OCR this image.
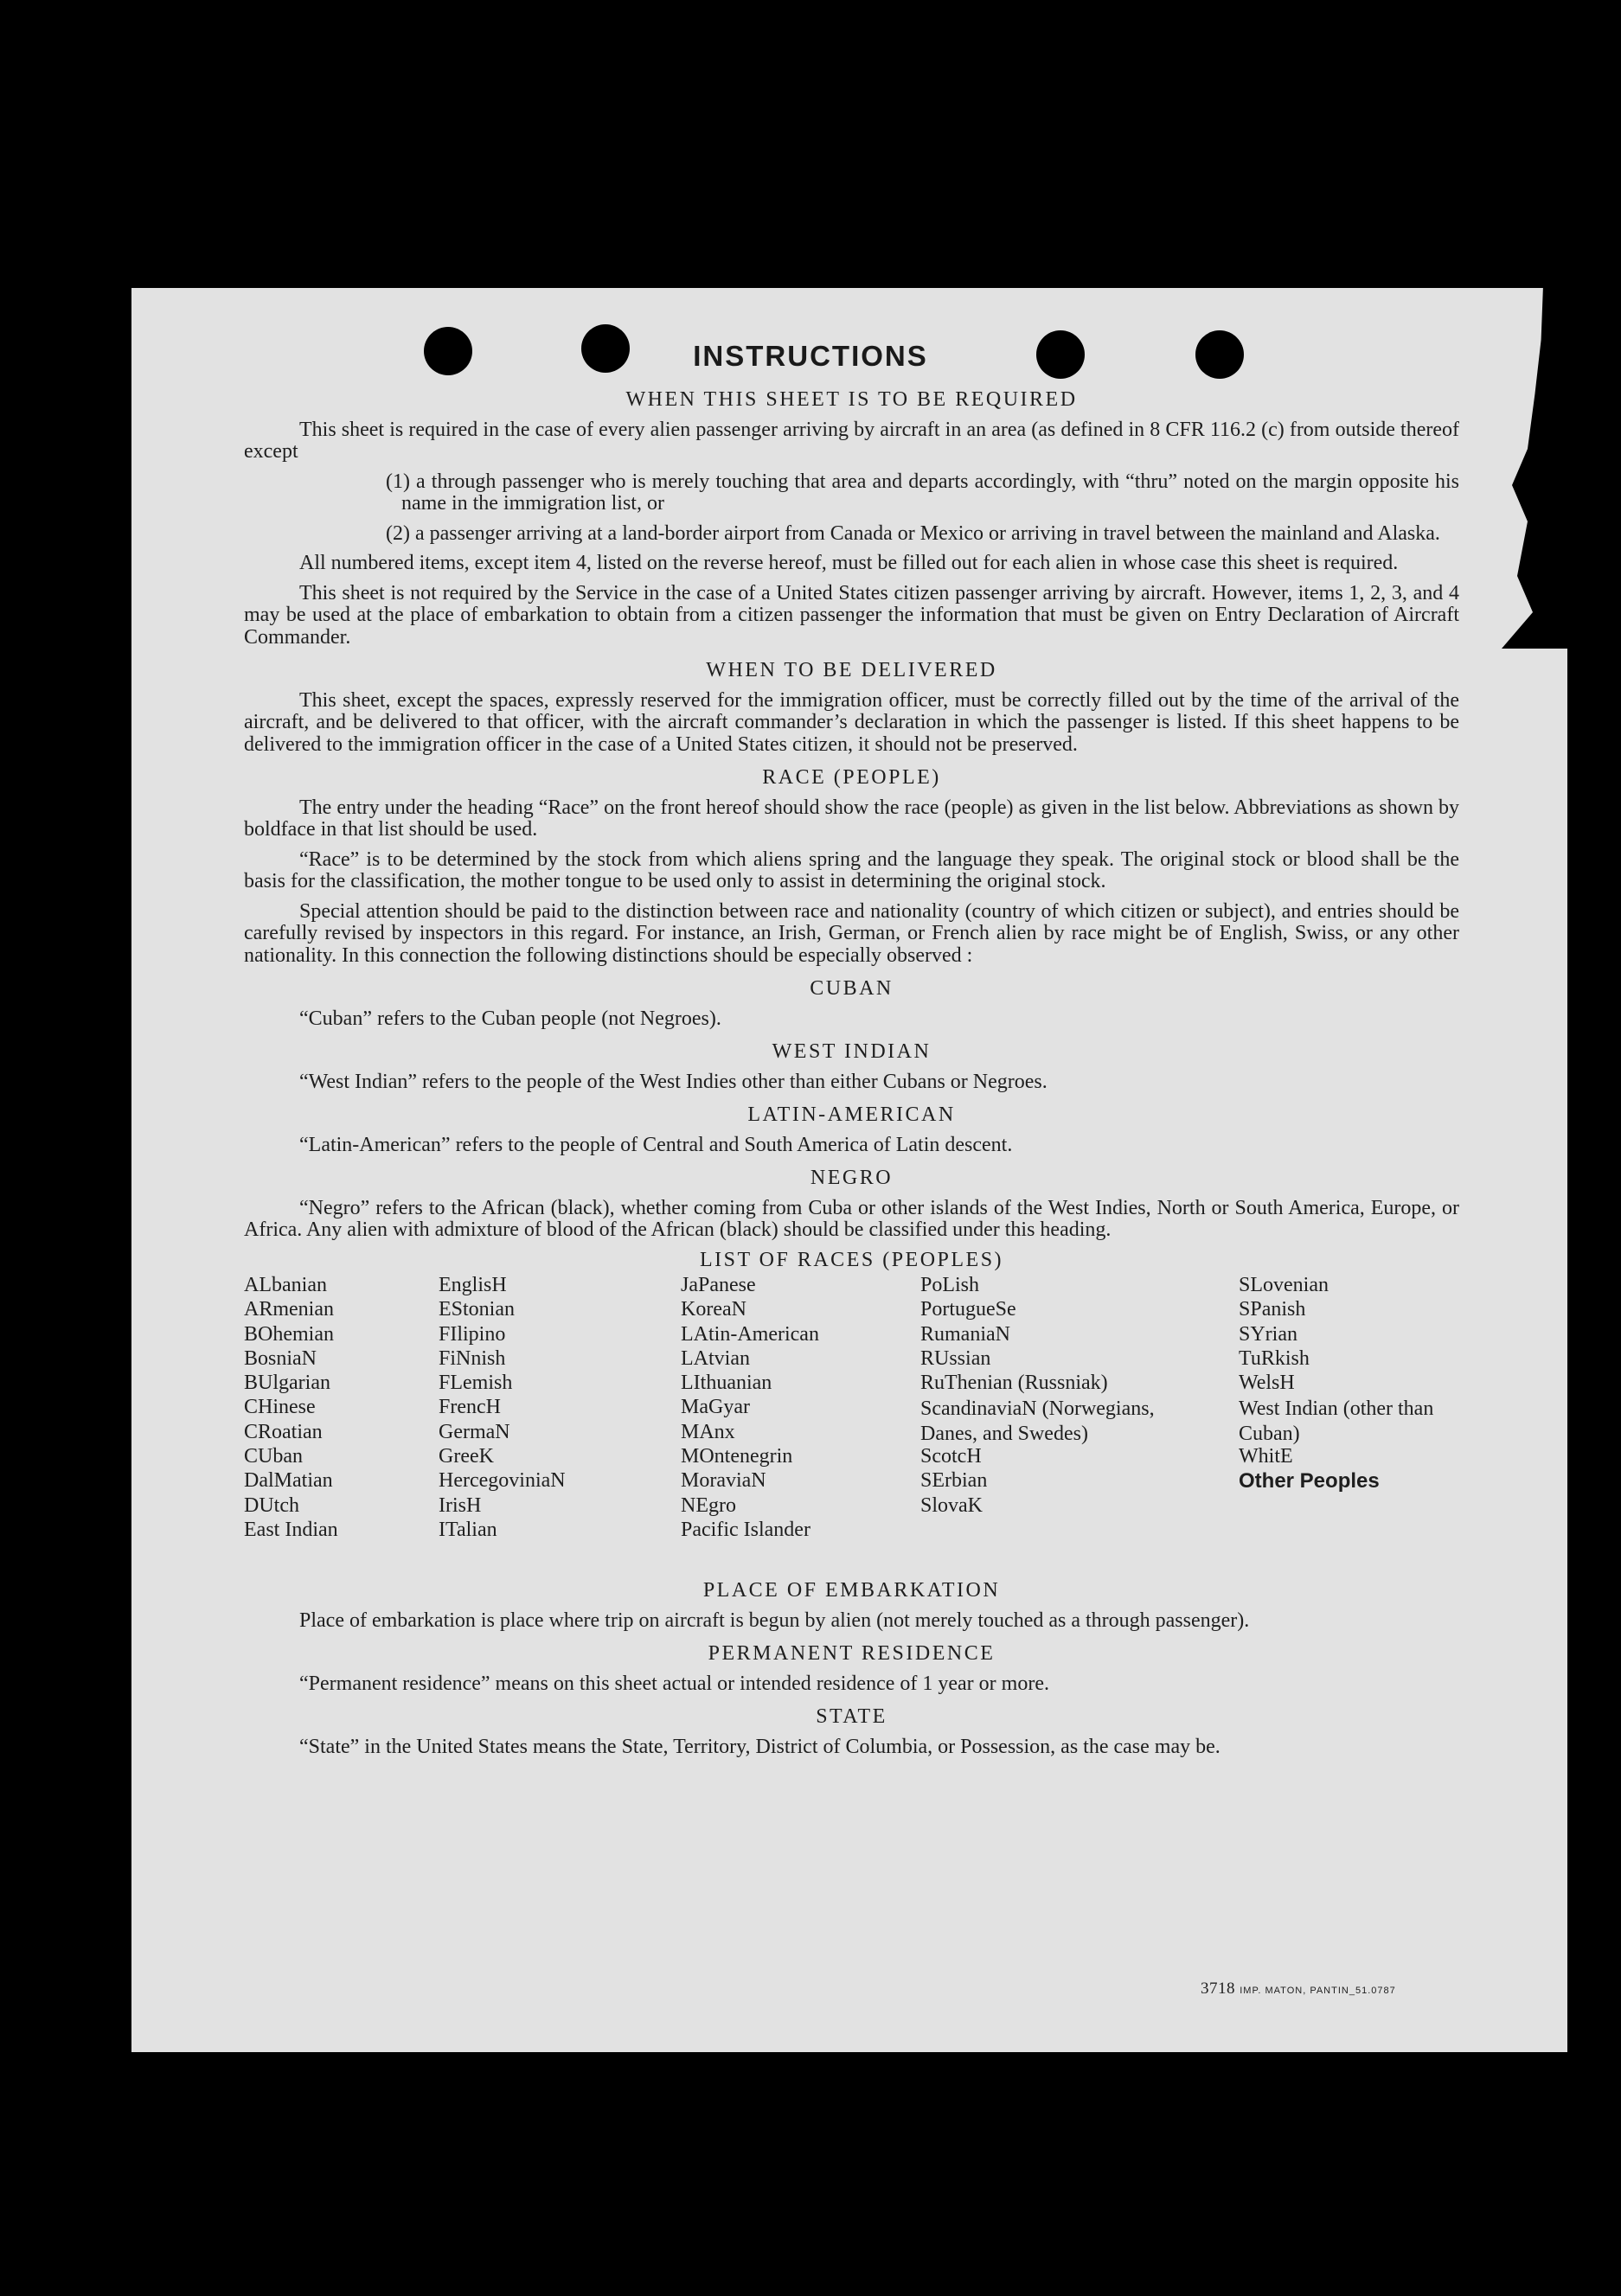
INSTRUCTIONS
WHEN THIS SHEET IS TO BE REQUIRED
This sheet is required in the case of every alien passenger arriving by aircraft in an area (as defined in 8 CFR 116.2 (c) from outside thereof except
(1) a through passenger who is merely touching that area and departs accordingly, with “thru” noted on the margin opposite his name in the immigration list, or
(2) a passenger arriving at a land-border airport from Canada or Mexico or arriving in travel between the mainland and Alaska.
All numbered items, except item 4, listed on the reverse hereof, must be filled out for each alien in whose case this sheet is required.
This sheet is not required by the Service in the case of a United States citizen passenger arriving by aircraft. However, items 1, 2, 3, and 4 may be used at the place of embarkation to obtain from a citizen passenger the information that must be given on Entry Declaration of Aircraft Commander.
WHEN TO BE DELIVERED
This sheet, except the spaces, expressly reserved for the immigration officer, must be correctly filled out by the time of the arrival of the aircraft, and be delivered to that officer, with the aircraft commander’s declaration in which the passenger is listed. If this sheet happens to be delivered to the immigration officer in the case of a United States citizen, it should not be preserved.
RACE (PEOPLE)
The entry under the heading “Race” on the front hereof should show the race (people) as given in the list below. Abbreviations as shown by boldface in that list should be used.
“Race” is to be determined by the stock from which aliens spring and the language they speak. The original stock or blood shall be the basis for the classification, the mother tongue to be used only to assist in determining the original stock.
Special attention should be paid to the distinction between race and nationality (country of which citizen or subject), and entries should be carefully revised by inspectors in this regard. For instance, an Irish, German, or French alien by race might be of English, Swiss, or any other nationality. In this connection the following distinctions should be especially observed :
CUBAN
“Cuban” refers to the Cuban people (not Negroes).
WEST INDIAN
“West Indian” refers to the people of the West Indies other than either Cubans or Negroes.
LATIN-AMERICAN
“Latin-American” refers to the people of Central and South America of Latin descent.
NEGRO
“Negro” refers to the African (black), whether coming from Cuba or other islands of the West Indies, North or South America, Europe, or Africa. Any alien with admixture of blood of the African (black) should be classified under this heading.
LIST OF RACES (PEOPLES)
ALbanian
ARmenian
BOhemian
BosniaN
BUlgarian
CHinese
CRoatian
CUban
DalMatian
DUtch
East Indian
EnglisH
EStonian
FIlipino
FiNnish
FLemish
FrencH
GermaN
GreeK
HercegoviniaN
IrisH
ITalian
JaPanese
KoreaN
LAtin-American
LAtvian
LIthuanian
MaGyar
MAnx
MOntenegrin
MoraviaN
NEgro
Pacific Islander
PoLish
PortugueSe
RumaniaN
RUssian
RuThenian (Russniak)
ScandinaviaN (Norwegians, Danes, and Swedes)
ScotcH
SErbian
SlovaK
SLovenian
SPanish
SYrian
TuRkish
WelsH
West Indian (other than Cuban)
WhitE
Other Peoples
PLACE OF EMBARKATION
Place of embarkation is place where trip on aircraft is begun by alien (not merely touched as a through passenger).
PERMANENT RESIDENCE
“Permanent residence” means on this sheet actual or intended residence of 1 year or more.
STATE
“State” in the United States means the State, Territory, District of Columbia, or Possession, as the case may be.
3718 IMP. MATON, PANTIN_51.0787
